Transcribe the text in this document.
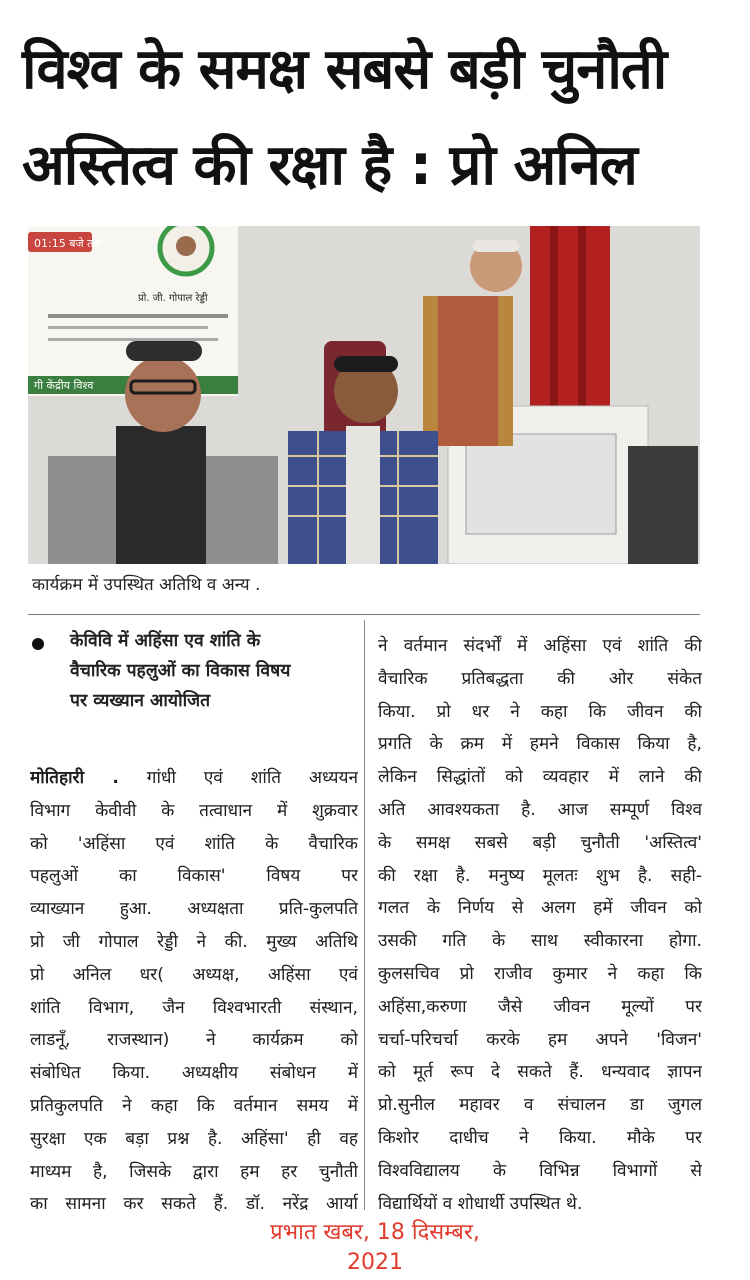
विश्व के समक्ष सबसे बड़ी चुनौती
अस्तित्व की रक्षा है : प्रो अनिल
01:15 बजे तक
प्रो. जी. गोपाल रेड्डी
गी केंद्रीय विश्व
कार्यक्रम में उपस्थित अतिथि व अन्य .
केविवि में अहिंसा एव शांति के
वैचारिक पहलुओं का विकास विषय
पर व्यख्यान आयोजित
मोतिहारी . गांधी एवं शांति अध्ययन
विभाग केवीवी के तत्वाधान में शुक्रवार
को 'अहिंसा एवं शांति के वैचारिक
पहलुओं का विकास' विषय पर
व्याख्यान हुआ. अध्यक्षता प्रति-कुलपति
प्रो जी गोपाल रेड्डी ने की. मुख्य अतिथि
प्रो अनिल धर( अध्यक्ष, अहिंसा एवं
शांति विभाग, जैन विश्वभारती संस्थान,
लाडनूँ, राजस्थान) ने कार्यक्रम को
संबोधित किया. अध्यक्षीय संबोधन में
प्रतिकुलपति ने कहा कि वर्तमान समय में
सुरक्षा एक बड़ा प्रश्न है. अहिंसा' ही वह
माध्यम है, जिसके द्वारा हम हर चुनौती
का सामना कर सकते हैं. डॉ. नरेंद्र आर्या
ने वर्तमान संदर्भों में अहिंसा एवं शांति की
वैचारिक प्रतिबद्धता की ओर संकेत
किया. प्रो धर ने कहा कि जीवन की
प्रगति के क्रम में हमने विकास किया है,
लेकिन सिद्धांतों को व्यवहार में लाने की
अति आवश्यकता है. आज सम्पूर्ण विश्व
के समक्ष सबसे बड़ी चुनौती 'अस्तित्व'
की रक्षा है. मनुष्य मूलतः शुभ है. सही-
गलत के निर्णय से अलग हमें जीवन को
उसकी गति के साथ स्वीकारना होगा.
कुलसचिव प्रो राजीव कुमार ने कहा कि
अहिंसा,करुणा जैसे जीवन मूल्यों पर
चर्चा-परिचर्चा करके हम अपने 'विजन'
को मूर्त रूप दे सकते हैं. धन्यवाद ज्ञापन
प्रो.सुनील महावर व संचालन डा जुगल
किशोर दाधीच ने किया. मौके पर
विश्वविद्यालय के विभिन्न विभागों से
विद्यार्थियों व शोधार्थी उपस्थित थे.
प्रभात खबर, 18 दिसम्बर,
2021
